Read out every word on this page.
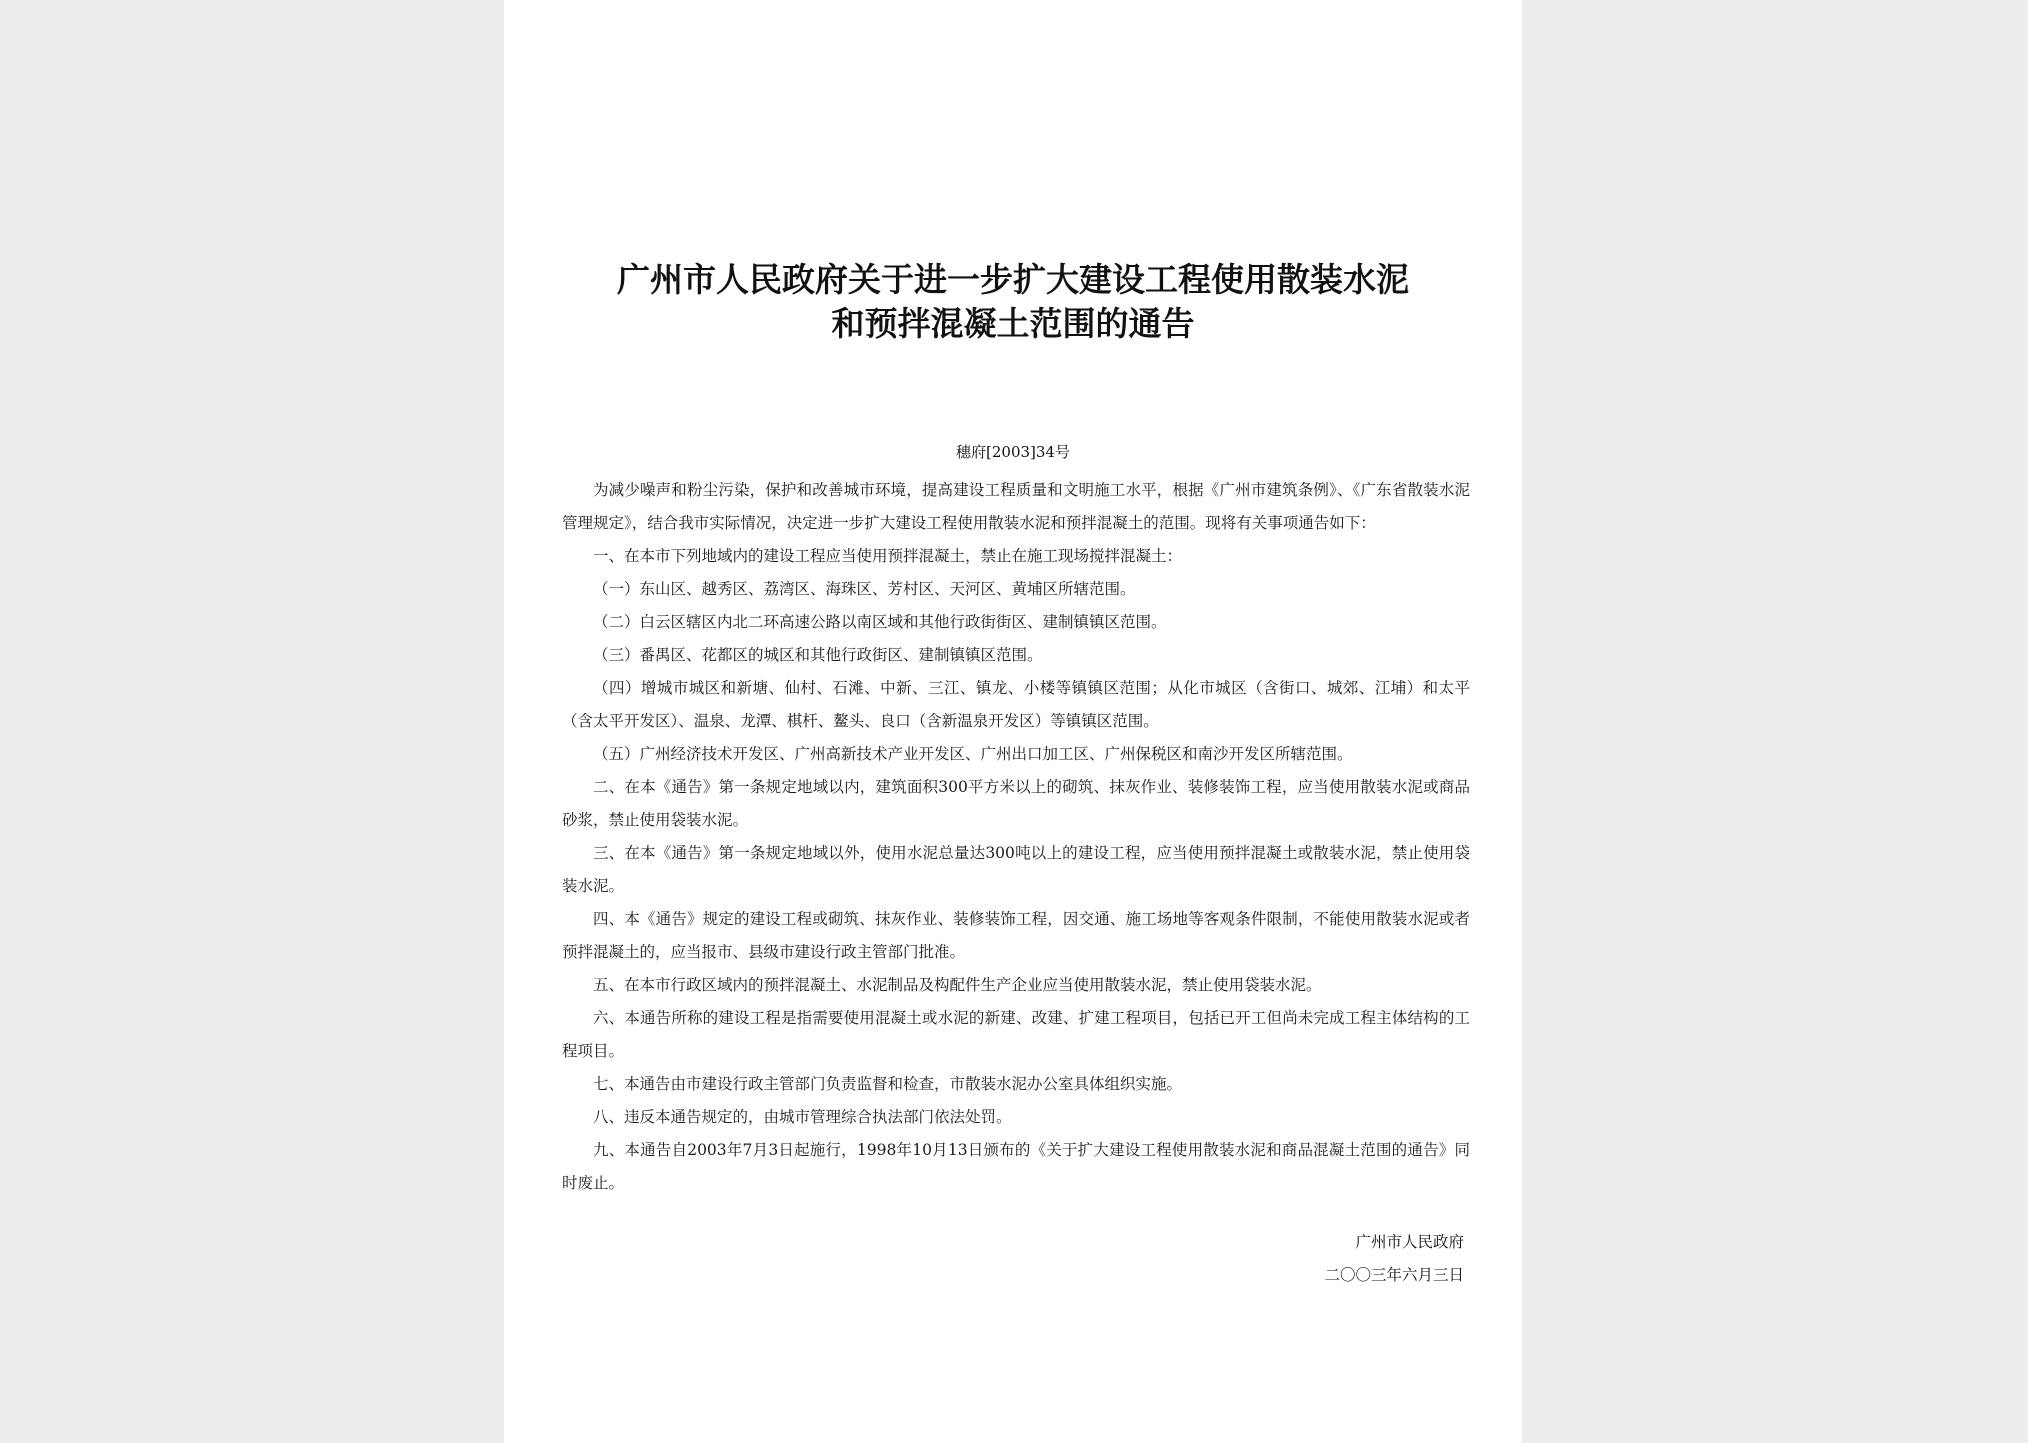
广州市人民政府关于进一步扩大建设工程使用散装水泥
和预拌混凝土范围的通告
穗府[2003]34号

为减少噪声和粉尘污染，保护和改善城市环境，提高建设工程质量和文明施工水平，根据《广州市建筑条例》、《广东省散装水泥管理规定》，结合我市实际情况，决定进一步扩大建设工程使用散装水泥和预拌混凝土的范围。现将有关事项通告如下：

一、在本市下列地域内的建设工程应当使用预拌混凝土，禁止在施工现场搅拌混凝土：

（一）东山区、越秀区、荔湾区、海珠区、芳村区、天河区、黄埔区所辖范围。

（二）白云区辖区内北二环高速公路以南区域和其他行政街街区、建制镇镇区范围。

（三）番禺区、花都区的城区和其他行政街区、建制镇镇区范围。

（四）增城市城区和新塘、仙村、石滩、中新、三江、镇龙、小楼等镇镇区范围；从化市城区（含街口、城郊、江埔）和太平（含太平开发区）、温泉、龙潭、棋杆、鳌头、良口（含新温泉开发区）等镇镇区范围。

（五）广州经济技术开发区、广州高新技术产业开发区、广州出口加工区、广州保税区和南沙开发区所辖范围。

二、在本《通告》第一条规定地域以内，建筑面积300平方米以上的砌筑、抹灰作业、装修装饰工程，应当使用散装水泥或商品砂浆，禁止使用袋装水泥。

三、在本《通告》第一条规定地域以外，使用水泥总量达300吨以上的建设工程，应当使用预拌混凝土或散装水泥，禁止使用袋装水泥。

四、本《通告》规定的建设工程或砌筑、抹灰作业、装修装饰工程，因交通、施工场地等客观条件限制，不能使用散装水泥或者预拌混凝土的，应当报市、县级市建设行政主管部门批准。

五、在本市行政区域内的预拌混凝土、水泥制品及构配件生产企业应当使用散装水泥，禁止使用袋装水泥。

六、本通告所称的建设工程是指需要使用混凝土或水泥的新建、改建、扩建工程项目，包括已开工但尚未完成工程主体结构的工程项目。

七、本通告由市建设行政主管部门负责监督和检查，市散装水泥办公室具体组织实施。

八、违反本通告规定的，由城市管理综合执法部门依法处罚。

九、本通告自2003年7月3日起施行，1998年10月13日颁布的《关于扩大建设工程使用散装水泥和商品混凝土范围的通告》同时废止。

广州市人民政府
二〇〇三年六月三日
